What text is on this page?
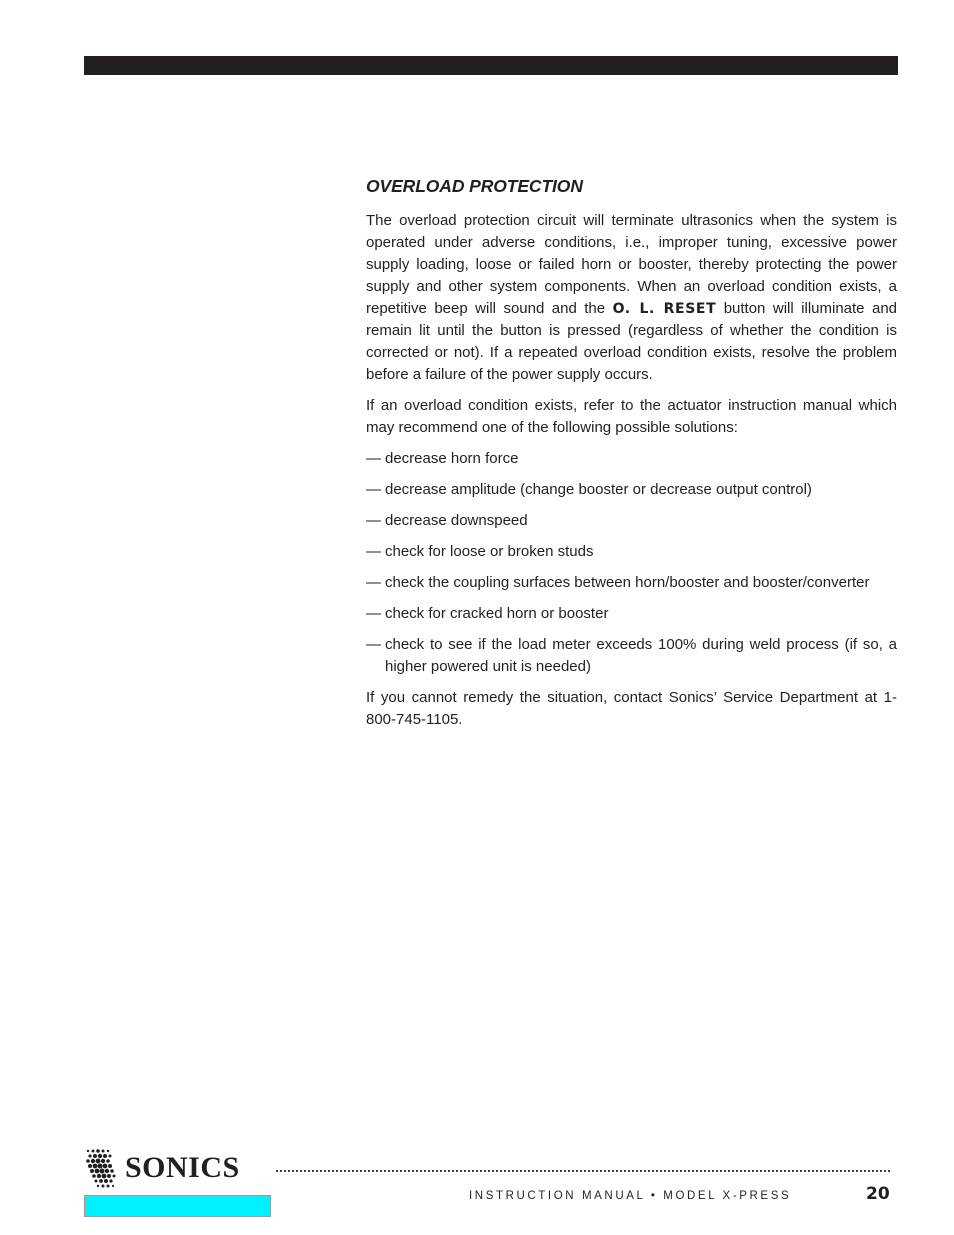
OVERLOAD PROTECTION

The overload protection circuit will terminate ultrasonics when the system is operated under adverse conditions, i.e., improper tuning, excessive power supply loading, loose or failed horn or booster, thereby protecting the power supply and other system components. When an overload condition exists, a repetitive beep will sound and the O. L. RESET button will illuminate and remain lit until the button is pressed (regardless of whether the condition is corrected or not). If a repeated overload condition exists, resolve the problem before a failure of the power supply occurs.

If an overload condition exists, refer to the actuator instruction manual which may recommend one of the following possible solutions:

— decrease horn force
— decrease amplitude (change booster or decrease output control)
— decrease downspeed
— check for loose or broken studs
— check the coupling surfaces between horn/booster and booster/converter
— check for cracked horn or booster
— check to see if the load meter exceeds 100% during weld process (if so, a higher powered unit is needed)

If you cannot remedy the situation, contact Sonics’ Service Department at 1-800-745-1105.

SONICS
INSTRUCTION MANUAL • MODEL X-PRESS	20
